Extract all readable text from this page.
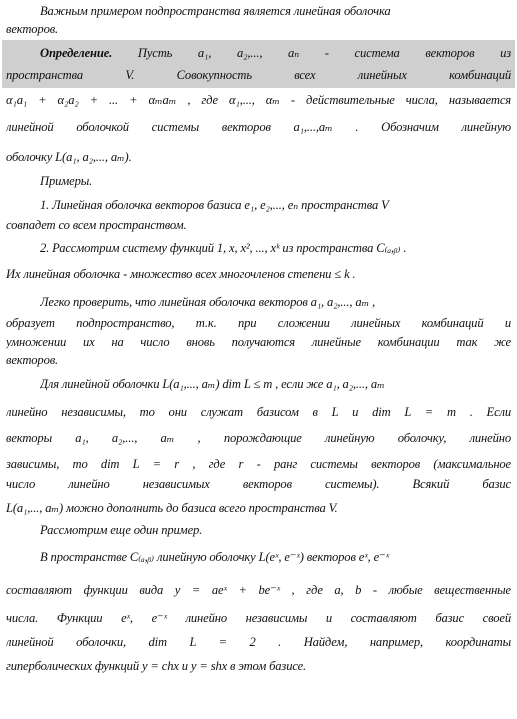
Важным примером подпространства является линейная оболочка
векторов.
Определение. Пусть a₁, a₂,..., aₙ - система векторов из
пространства V. Совокупность всех линейных комбинаций
α₁a₁ + α₂a₂ + ... + αₘaₘ , где α₁,..., αₘ - действительные числа, называется
линейной оболочкой системы векторов a₁,...,aₘ . Обозначим линейную
оболочку L(a₁, a₂,..., aₘ).
Примеры.
1. Линейная оболочка векторов базиса e₁, e₂,..., eₙ пространства V
совпадет со всем пространством.
2. Рассмотрим систему функций 1, x, x², ..., xᵏ из пространства C₍ₐ,ᵦ₎ .
Их линейная оболочка - множество всех многочленов степени ≤ k .
Легко проверить, что линейная оболочка векторов a₁, a₂,..., aₘ ,
образует подпространство, т.к. при сложении линейных комбинаций и
умножении их на число вновь получаются линейные комбинации так же
векторов.
Для линейной оболочки L(a₁,..., aₘ) dim L ≤ m , если же a₁, a₂,..., aₘ
линейно независимы, то они служат базисом в L и dim L = m . Если
векторы a₁, a₂,..., aₘ , порождающие линейную оболочку, линейно
зависимы, то dim L = r , где r - ранг системы векторов (максимальное
число линейно независимых векторов системы). Всякий базис
L(a₁,..., aₘ) можно дополнить до базиса всего пространства V.
Рассмотрим еще один пример.
В пространстве C₍ₐ,ᵦ₎ линейную оболочку L(eˣ, e⁻ˣ) векторов eˣ, e⁻ˣ
составляют функции вида y = aeˣ + be⁻ˣ , где a, b - любые вещественные
числа. Функции eˣ, e⁻ˣ линейно независимы и составляют базис своей
линейной оболочки, dim L = 2 . Найдем, например, координаты
гиперболических функций y = chx и y = shx в этом базисе.
